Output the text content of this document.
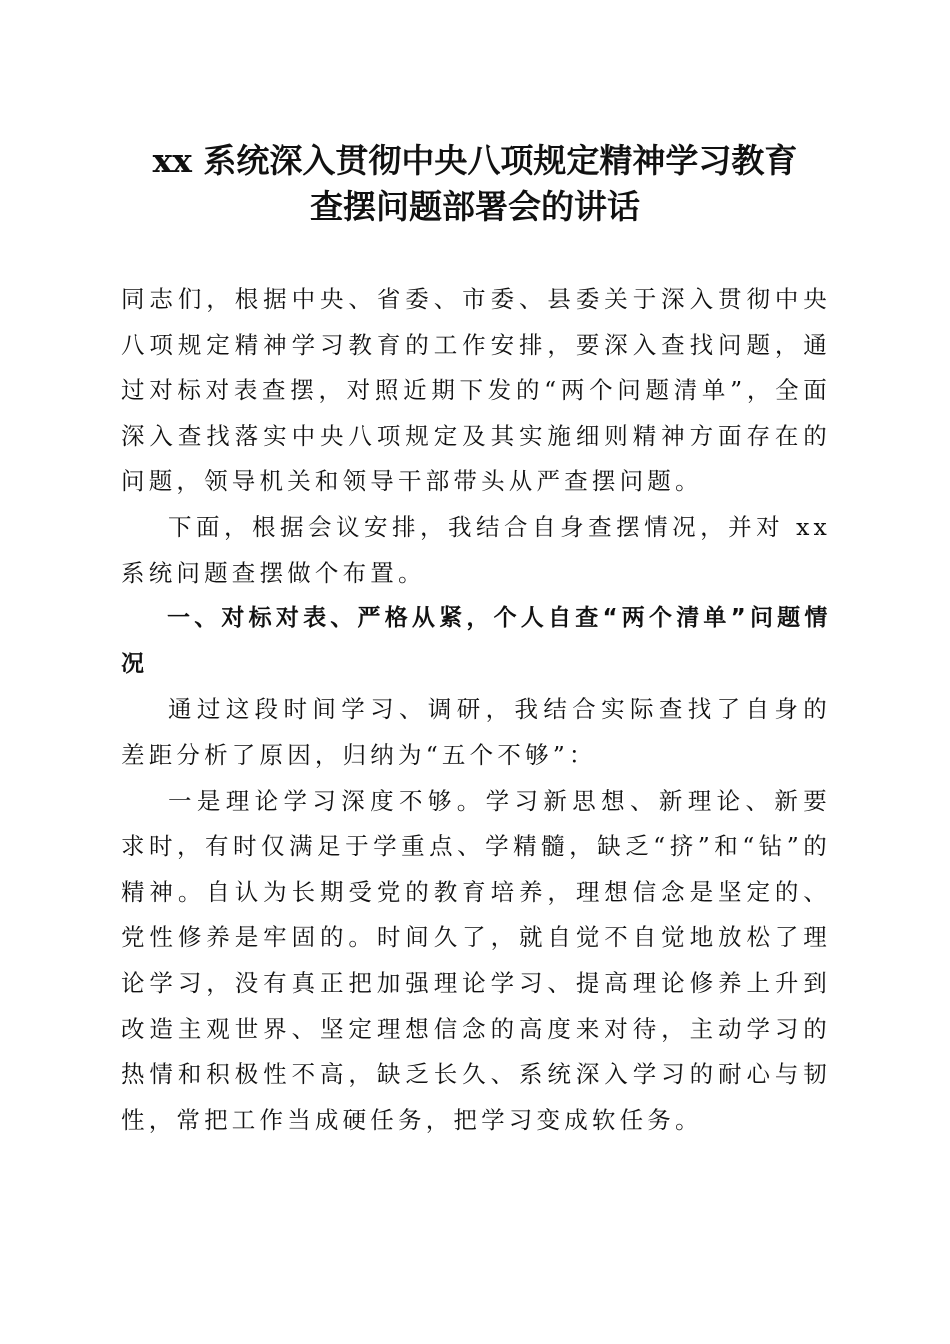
xx 系统深入贯彻中央八项规定精神学习教育
查摆问题部署会的讲话

同志们，根据中央、省委、市委、县委关于深入贯彻中央八项规定精神学习教育的工作安排，要深入查找问题，通过对标对表查摆，对照近期下发的“两个问题清单”，全面深入查找落实中央八项规定及其实施细则精神方面存在的问题，领导机关和领导干部带头从严查摆问题。

下面，根据会议安排，我结合自身查摆情况，并对 xx 系统问题查摆做个布置。

一、对标对表、严格从紧，个人自查“两个清单”问题情况

通过这段时间学习、调研，我结合实际查找了自身的差距分析了原因，归纳为“五个不够”：

一是理论学习深度不够。学习新思想、新理论、新要求时，有时仅满足于学重点、学精髓，缺乏“挤”和“钻”的精神。自认为长期受党的教育培养，理想信念是坚定的、党性修养是牢固的。时间久了，就自觉不自觉地放松了理论学习，没有真正把加强理论学习、提高理论修养上升到改造主观世界、坚定理想信念的高度来对待，主动学习的热情和积极性不高，缺乏长久、系统深入学习的耐心与韧性，常把工作当成硬任务，把学习变成软任务。
